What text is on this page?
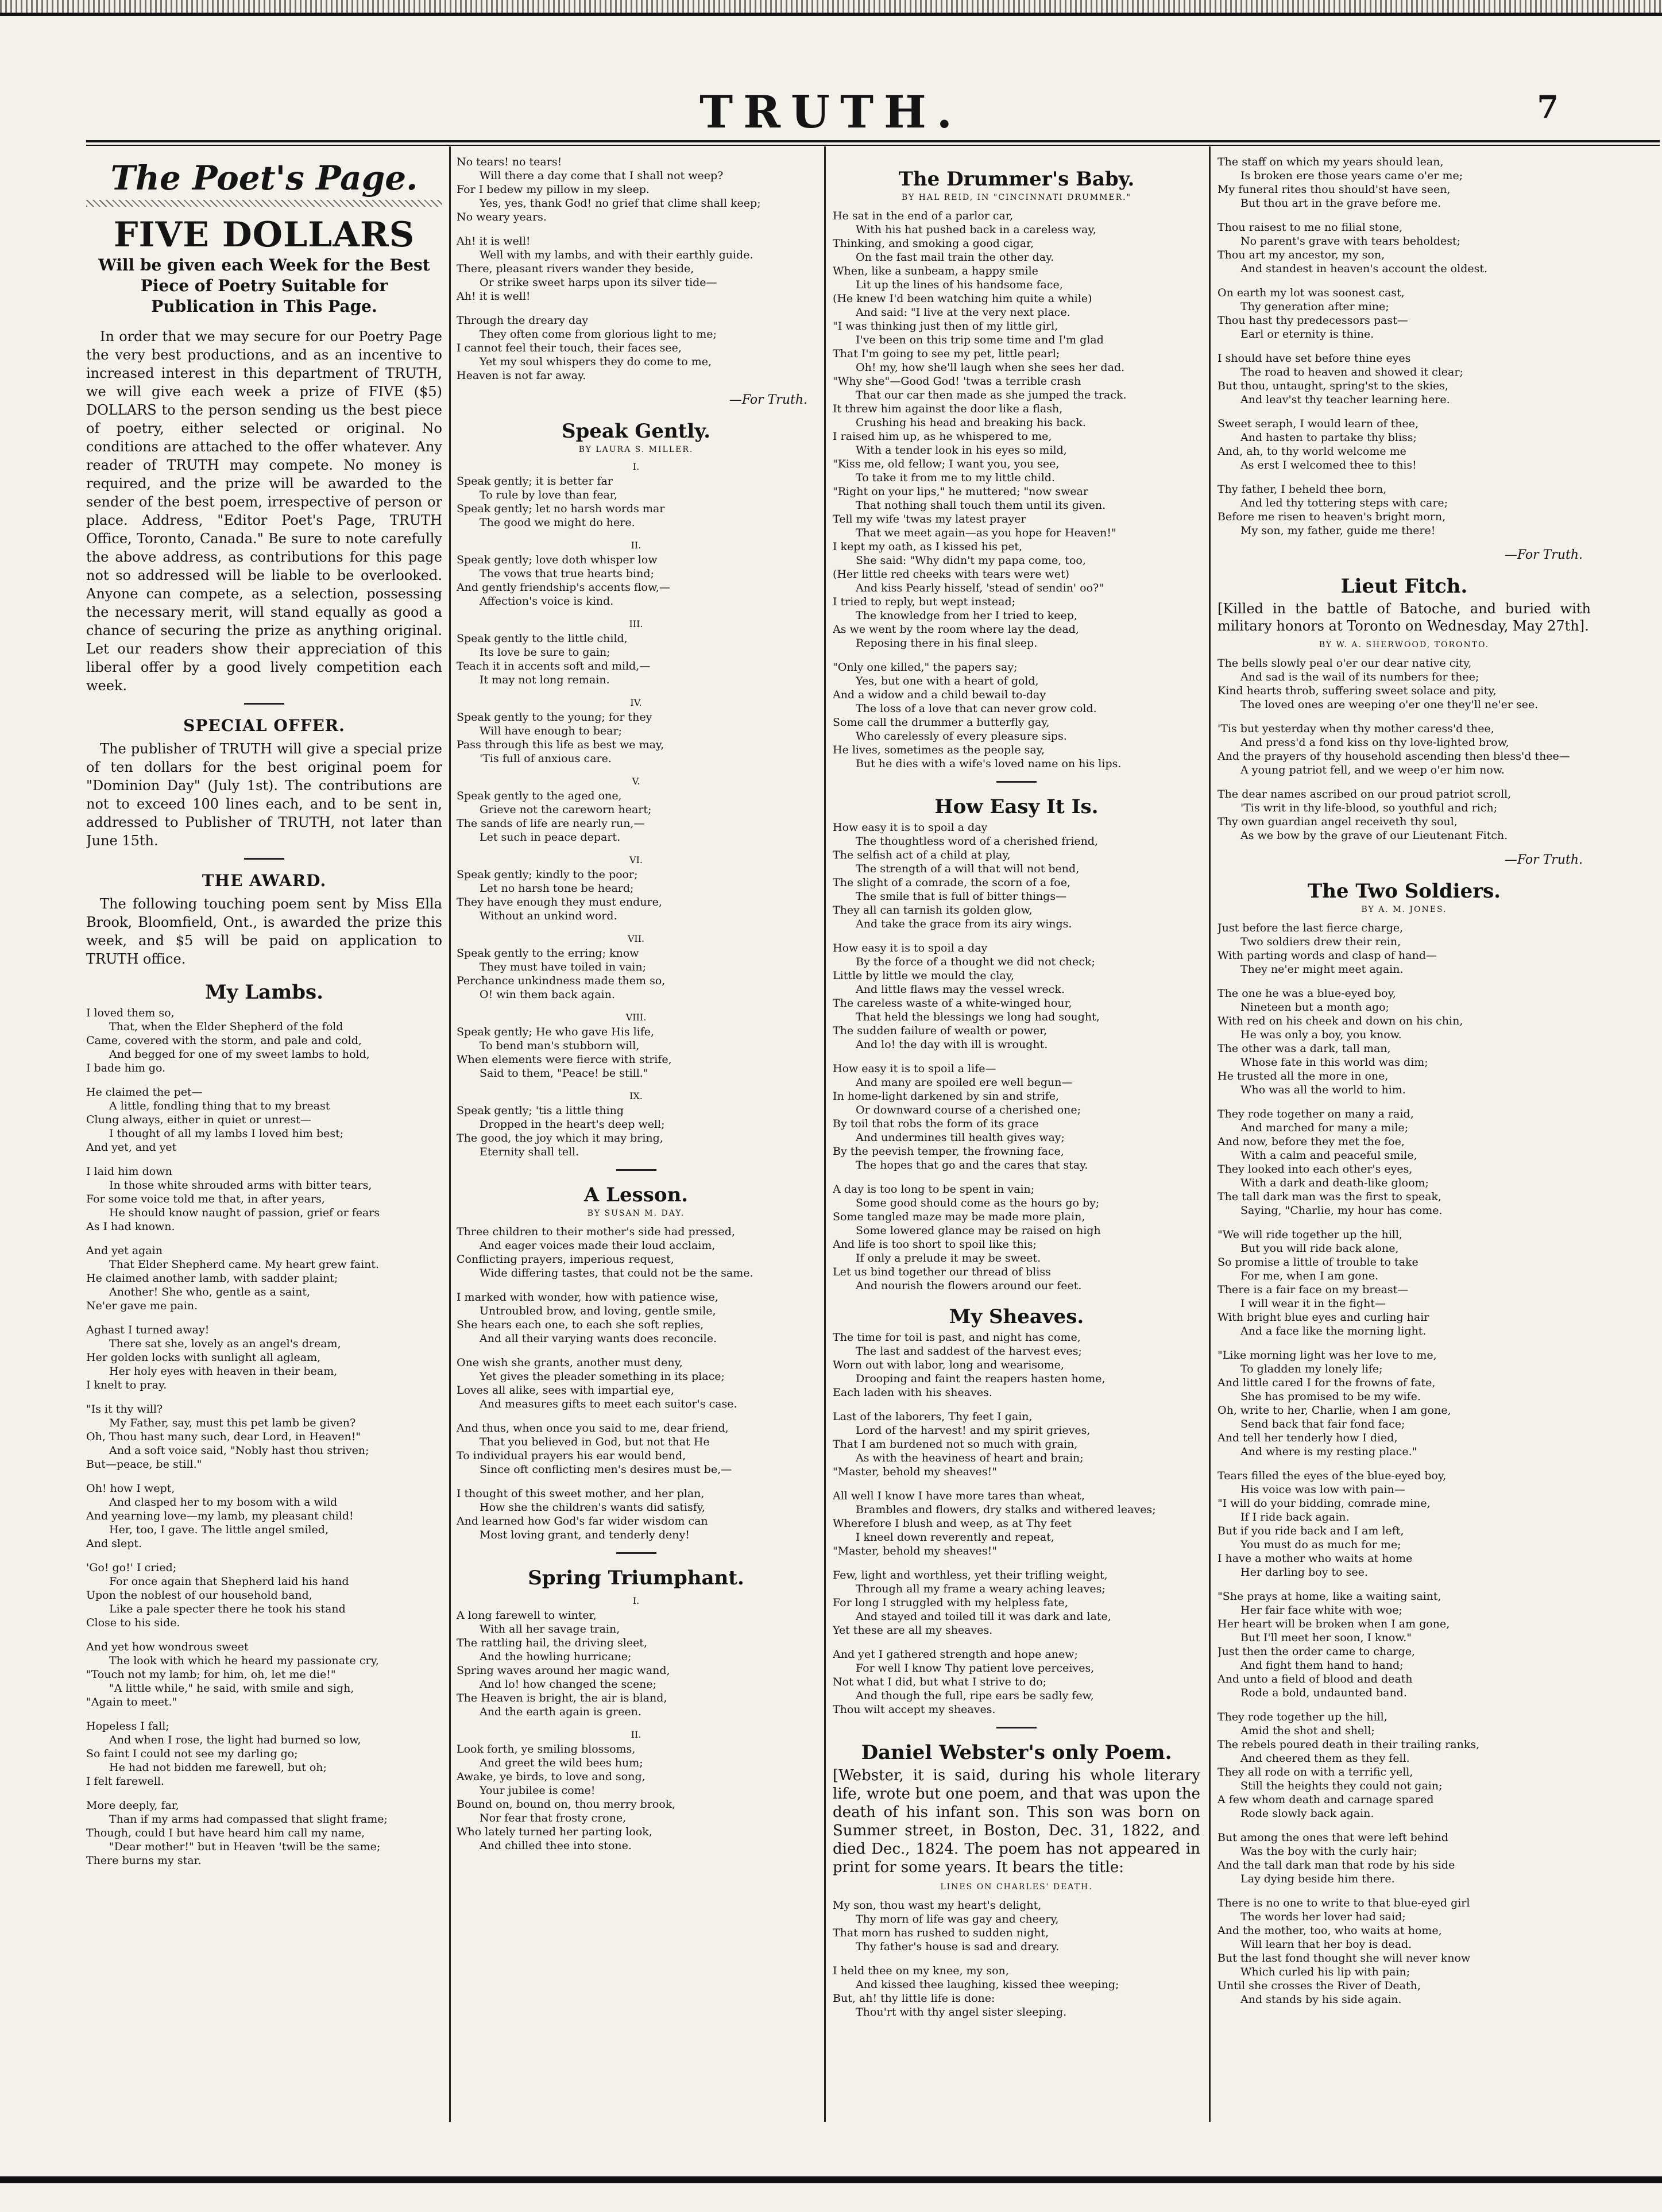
TRUTH.	7
The Poet's Page.
FIVE DOLLARS
Will be given each Week for the Best Piece of Poetry Suitable for Publication in This Page.
In order that we may secure for our Poetry Page the very best productions, and as an incentive to increased interest in this department of TRUTH, we will give each week a prize of FIVE ($5) DOLLARS to the person sending us the best piece of poetry, either selected or original. No conditions are attached to the offer whatever. Any reader of TRUTH may compete. No money is required, and the prize will be awarded to the sender of the best poem, irrespective of person or place. Address, "Editor Poet's Page, TRUTH Office, Toronto, Canada." Be sure to note carefully the above address, as contributions for this page not so addressed will be liable to be overlooked. Anyone can compete, as a selection, possessing the necessary merit, will stand equally as good a chance of securing the prize as anything original. Let our readers show their appreciation of this liberal offer by a good lively competition each week.
SPECIAL OFFER.
The publisher of TRUTH will give a special prize of ten dollars for the best original poem for "Dominion Day" (July 1st). The contributions are not to exceed 100 lines each, and to be sent in, addressed to Publisher of TRUTH, not later than June 15th.
THE AWARD.
The following touching poem sent by Miss Ella Brook, Bloomfield, Ont., is awarded the prize this week, and $5 will be paid on application to TRUTH office.
My Lambs.
I loved them so,
That, when the Elder Shepherd of the fold
Came, covered with the storm, and pale and cold,
And begged for one of my sweet lambs to hold,
I bade him go.
He claimed the pet—
A little, fondling thing that to my breast
Clung always, either in quiet or unrest—
I thought of all my lambs I loved him best;
And yet, and yet
I laid him down
In those white shrouded arms with bitter tears,
For some voice told me that, in after years,
He should know naught of passion, grief or fears
As I had known.
And yet again
That Elder Shepherd came. My heart grew faint.
He claimed another lamb, with sadder plaint;
Another! She who, gentle as a saint,
Ne'er gave me pain.
Aghast I turned away!
There sat she, lovely as an angel's dream,
Her golden locks with sunlight all agleam,
Her holy eyes with heaven in their beam,
I knelt to pray.
"Is it thy will?
My Father, say, must this pet lamb be given?
Oh, Thou hast many such, dear Lord, in Heaven!"
And a soft voice said, "Nobly hast thou striven;
But—peace, be still."
Oh! how I wept,
And clasped her to my bosom with a wild
And yearning love—my lamb, my pleasant child!
Her, too, I gave. The little angel smiled,
And slept.
'Go! go!' I cried;
For once again that Shepherd laid his hand
Upon the noblest of our household band,
Like a pale specter there he took his stand
Close to his side.
And yet how wondrous sweet
The look with which he heard my passionate cry,
"Touch not my lamb; for him, oh, let me die!"
"A little while," he said, with smile and sigh,
"Again to meet."
Hopeless I fall;
And when I rose, the light had burned so low,
So faint I could not see my darling go;
He had not bidden me farewell, but oh;
I felt farewell.
More deeply, far,
Than if my arms had compassed that slight frame;
Though, could I but have heard him call my name,
"Dear mother!" but in Heaven 'twill be the same;
There burns my star.
No tears! no tears!
Will there a day come that I shall not weep?
For I bedew my pillow in my sleep.
Yes, yes, thank God! no grief that clime shall keep;
No weary years.
Ah! it is well!
Well with my lambs, and with their earthly guide.
There, pleasant rivers wander they beside,
Or strike sweet harps upon its silver tide—
Ah! it is well!
Through the dreary day
They often come from glorious light to me;
I cannot feel their touch, their faces see,
Yet my soul whispers they do come to me,
Heaven is not far away.
—For Truth.
Speak Gently.
BY LAURA S. MILLER.
I.
Speak gently; it is better far
To rule by love than fear,
Speak gently; let no harsh words mar
The good we might do here.
II.
Speak gently; love doth whisper low
The vows that true hearts bind;
And gently friendship's accents flow,—
Affection's voice is kind.
III.
Speak gently to the little child,
Its love be sure to gain;
Teach it in accents soft and mild,—
It may not long remain.
IV.
Speak gently to the young; for they
Will have enough to bear;
Pass through this life as best we may,
'Tis full of anxious care.
V.
Speak gently to the aged one,
Grieve not the careworn heart;
The sands of life are nearly run,—
Let such in peace depart.
VI.
Speak gently; kindly to the poor;
Let no harsh tone be heard;
They have enough they must endure,
Without an unkind word.
VII.
Speak gently to the erring; know
They must have toiled in vain;
Perchance unkindness made them so,
O! win them back again.
VIII.
Speak gently; He who gave His life,
To bend man's stubborn will,
When elements were fierce with strife,
Said to them, "Peace! be still."
IX.
Speak gently; 'tis a little thing
Dropped in the heart's deep well;
The good, the joy which it may bring,
Eternity shall tell.
A Lesson.
BY SUSAN M. DAY.
Three children to their mother's side had pressed,
And eager voices made their loud acclaim,
Conflicting prayers, imperious request,
Wide differing tastes, that could not be the same.
I marked with wonder, how with patience wise,
Untroubled brow, and loving, gentle smile,
She hears each one, to each she soft replies,
And all their varying wants does reconcile.
One wish she grants, another must deny,
Yet gives the pleader something in its place;
Loves all alike, sees with impartial eye,
And measures gifts to meet each suitor's case.
And thus, when once you said to me, dear friend,
That you believed in God, but not that He
To individual prayers his ear would bend,
Since oft conflicting men's desires must be,—
I thought of this sweet mother, and her plan,
How she the children's wants did satisfy,
And learned how God's far wider wisdom can
Most loving grant, and tenderly deny!
Spring Triumphant.
I.
A long farewell to winter,
With all her savage train,
The rattling hail, the driving sleet,
And the howling hurricane;
Spring waves around her magic wand,
And lo! how changed the scene;
The Heaven is bright, the air is bland,
And the earth again is green.
II.
Look forth, ye smiling blossoms,
And greet the wild bees hum;
Awake, ye birds, to love and song,
Your jubilee is come!
Bound on, bound on, thou merry brook,
Nor fear that frosty crone,
Who lately turned her parting look,
And chilled thee into stone.
The Drummer's Baby.
BY HAL REID, IN "CINCINNATI DRUMMER."
He sat in the end of a parlor car,
With his hat pushed back in a careless way,
Thinking, and smoking a good cigar,
On the fast mail train the other day.
When, like a sunbeam, a happy smile
Lit up the lines of his handsome face,
(He knew I'd been watching him quite a while)
And said: "I live at the very next place.
"I was thinking just then of my little girl,
I've been on this trip some time and I'm glad
That I'm going to see my pet, little pearl;
Oh! my, how she'll laugh when she sees her dad.
"Why she"—Good God! 'twas a terrible crash
That our car then made as she jumped the track.
It threw him against the door like a flash,
Crushing his head and breaking his back.
I raised him up, as he whispered to me,
With a tender look in his eyes so mild,
"Kiss me, old fellow; I want you, you see,
To take it from me to my little child.
"Right on your lips," he muttered; "now swear
That nothing shall touch them until its given.
Tell my wife 'twas my latest prayer
That we meet again—as you hope for Heaven!"
I kept my oath, as I kissed his pet,
She said: "Why didn't my papa come, too,
(Her little red cheeks with tears were wet)
And kiss Pearly hisself, 'stead of sendin' oo?"
I tried to reply, but wept instead;
The knowledge from her I tried to keep,
As we went by the room where lay the dead,
Reposing there in his final sleep.
"Only one killed," the papers say;
Yes, but one with a heart of gold,
And a widow and a child bewail to-day
The loss of a love that can never grow cold.
Some call the drummer a butterfly gay,
Who carelessly of every pleasure sips.
He lives, sometimes as the people say,
But he dies with a wife's loved name on his lips.
How Easy It Is.
How easy it is to spoil a day
The thoughtless word of a cherished friend,
The selfish act of a child at play,
The strength of a will that will not bend,
The slight of a comrade, the scorn of a foe,
The smile that is full of bitter things—
They all can tarnish its golden glow,
And take the grace from its airy wings.
How easy it is to spoil a day
By the force of a thought we did not check;
Little by little we mould the clay,
And little flaws may the vessel wreck.
The careless waste of a white-winged hour,
That held the blessings we long had sought,
The sudden failure of wealth or power,
And lo! the day with ill is wrought.
How easy it is to spoil a life—
And many are spoiled ere well begun—
In home-light darkened by sin and strife,
Or downward course of a cherished one;
By toil that robs the form of its grace
And undermines till health gives way;
By the peevish temper, the frowning face,
The hopes that go and the cares that stay.
A day is too long to be spent in vain;
Some good should come as the hours go by;
Some tangled maze may be made more plain,
Some lowered glance may be raised on high
And life is too short to spoil like this;
If only a prelude it may be sweet.
Let us bind together our thread of bliss
And nourish the flowers around our feet.
My Sheaves.
The time for toil is past, and night has come,
The last and saddest of the harvest eves;
Worn out with labor, long and wearisome,
Drooping and faint the reapers hasten home,
Each laden with his sheaves.
Last of the laborers, Thy feet I gain,
Lord of the harvest! and my spirit grieves,
That I am burdened not so much with grain,
As with the heaviness of heart and brain;
"Master, behold my sheaves!"
All well I know I have more tares than wheat,
Brambles and flowers, dry stalks and withered leaves;
Wherefore I blush and weep, as at Thy feet
I kneel down reverently and repeat,
"Master, behold my sheaves!"
Few, light and worthless, yet their trifling weight,
Through all my frame a weary aching leaves;
For long I struggled with my helpless fate,
And stayed and toiled till it was dark and late,
Yet these are all my sheaves.
And yet I gathered strength and hope anew;
For well I know Thy patient love perceives,
Not what I did, but what I strive to do;
And though the full, ripe ears be sadly few,
Thou wilt accept my sheaves.
Daniel Webster's only Poem.
[Webster, it is said, during his whole literary life, wrote but one poem, and that was upon the death of his infant son. This son was born on Summer street, in Boston, Dec. 31, 1822, and died Dec., 1824. The poem has not appeared in print for some years. It bears the title:
LINES ON CHARLES' DEATH.
My son, thou wast my heart's delight,
Thy morn of life was gay and cheery,
That morn has rushed to sudden night,
Thy father's house is sad and dreary.
I held thee on my knee, my son,
And kissed thee laughing, kissed thee weeping;
But, ah! thy little life is done:
Thou'rt with thy angel sister sleeping.
The staff on which my years should lean,
Is broken ere those years came o'er me;
My funeral rites thou should'st have seen,
But thou art in the grave before me.
Thou raisest to me no filial stone,
No parent's grave with tears beholdest;
Thou art my ancestor, my son,
And standest in heaven's account the oldest.
On earth my lot was soonest cast,
Thy generation after mine;
Thou hast thy predecessors past—
Earl or eternity is thine.
I should have set before thine eyes
The road to heaven and showed it clear;
But thou, untaught, spring'st to the skies,
And leav'st thy teacher learning here.
Sweet seraph, I would learn of thee,
And hasten to partake thy bliss;
And, ah, to thy world welcome me
As erst I welcomed thee to this!
Thy father, I beheld thee born,
And led thy tottering steps with care;
Before me risen to heaven's bright morn,
My son, my father, guide me there!
—For Truth.
Lieut Fitch.
[Killed in the battle of Batoche, and buried with military honors at Toronto on Wednesday, May 27th].
BY W. A. SHERWOOD, TORONTO.
The bells slowly peal o'er our dear native city,
And sad is the wail of its numbers for thee;
Kind hearts throb, suffering sweet solace and pity,
The loved ones are weeping o'er one they'll ne'er see.
'Tis but yesterday when thy mother caress'd thee,
And press'd a fond kiss on thy love-lighted brow,
And the prayers of thy household ascending then bless'd thee—
A young patriot fell, and we weep o'er him now.
The dear names ascribed on our proud patriot scroll,
'Tis writ in thy life-blood, so youthful and rich;
Thy own guardian angel receiveth thy soul,
As we bow by the grave of our Lieutenant Fitch.
—For Truth.
The Two Soldiers.
BY A. M. JONES.
Just before the last fierce charge,
Two soldiers drew their rein,
With parting words and clasp of hand—
They ne'er might meet again.
The one he was a blue-eyed boy,
Nineteen but a month ago;
With red on his cheek and down on his chin,
He was only a boy, you know.
The other was a dark, tall man,
Whose fate in this world was dim;
He trusted all the more in one,
Who was all the world to him.
They rode together on many a raid,
And marched for many a mile;
And now, before they met the foe,
With a calm and peaceful smile,
They looked into each other's eyes,
With a dark and death-like gloom;
The tall dark man was the first to speak,
Saying, "Charlie, my hour has come.
"We will ride together up the hill,
But you will ride back alone,
So promise a little of trouble to take
For me, when I am gone.
There is a fair face on my breast—
I will wear it in the fight—
With bright blue eyes and curling hair
And a face like the morning light.
"Like morning light was her love to me,
To gladden my lonely life;
And little cared I for the frowns of fate,
She has promised to be my wife.
Oh, write to her, Charlie, when I am gone,
Send back that fair fond face;
And tell her tenderly how I died,
And where is my resting place."
Tears filled the eyes of the blue-eyed boy,
His voice was low with pain—
"I will do your bidding, comrade mine,
If I ride back again.
But if you ride back and I am left,
You must do as much for me;
I have a mother who waits at home
Her darling boy to see.
"She prays at home, like a waiting saint,
Her fair face white with woe;
Her heart will be broken when I am gone,
But I'll meet her soon, I know."
Just then the order came to charge,
And fight them hand to hand;
And unto a field of blood and death
Rode a bold, undaunted band.
They rode together up the hill,
Amid the shot and shell;
The rebels poured death in their trailing ranks,
And cheered them as they fell.
They all rode on with a terrific yell,
Still the heights they could not gain;
A few whom death and carnage spared
Rode slowly back again.
But among the ones that were left behind
Was the boy with the curly hair;
And the tall dark man that rode by his side
Lay dying beside him there.
There is no one to write to that blue-eyed girl
The words her lover had said;
And the mother, too, who waits at home,
Will learn that her boy is dead.
But the last fond thought she will never know
Which curled his lip with pain;
Until she crosses the River of Death,
And stands by his side again.
